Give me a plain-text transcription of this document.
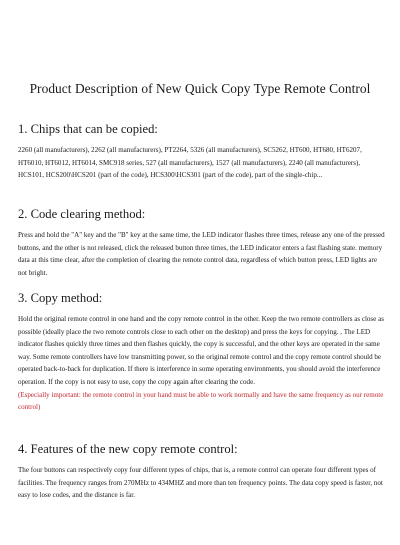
Product Description of New Quick Copy Type Remote Control
1. Chips that can be copied:

2260 (all manufacturers), 2262 (all manufacturers), PT2264, 5326 (all manufacturers), SC5262, HT600, HT680, HT6207, HT6010, HT6012, HT6014, SMC918 series, 527 (all manufacturers), 1527 (all manufacturers), 2240 (all manufacturers), HCS101, HCS200\HCS201 (part of the code), HCS300\HCS301 (part of the code), part of the single-chip...

2. Code clearing method:

Press and hold the "A" key and the "B" key at the same time, the LED indicator flashes three times, release any one of the pressed buttons, and the other is not released, click the released button three times, the LED indicator enters a fast flashing state. memory data at this time clear, after the completion of clearing the remote control data, regardless of which button press, LED lights are not bright.

3. Copy method:

Hold the original remote control in one hand and the copy remote control in the other. Keep the two remote controllers as close as possible (ideally place the two remote controls close to each other on the desktop) and press the keys for copying. , The LED indicator flashes quickly three times and then flashes quickly, the copy is successful, and the other keys are operated in the same way. Some remote controllers have low transmitting power, so the original remote control and the copy remote control should be operated back-to-back for duplication. If there is interference in some operating environments, you should avoid the interference operation. If the copy is not easy to use, copy the copy again after clearing the code.
(Especially important: the remote control in your hand must be able to work normally and have the same frequency as our remote control)

4. Features of the new copy remote control:

The four buttons can respectively copy four different types of chips, that is, a remote control can operate four different types of facilities. The frequency ranges from 270MHz to 434MHZ and more than ten frequency points. The data copy speed is faster, not easy to lose codes, and the distance is far.
